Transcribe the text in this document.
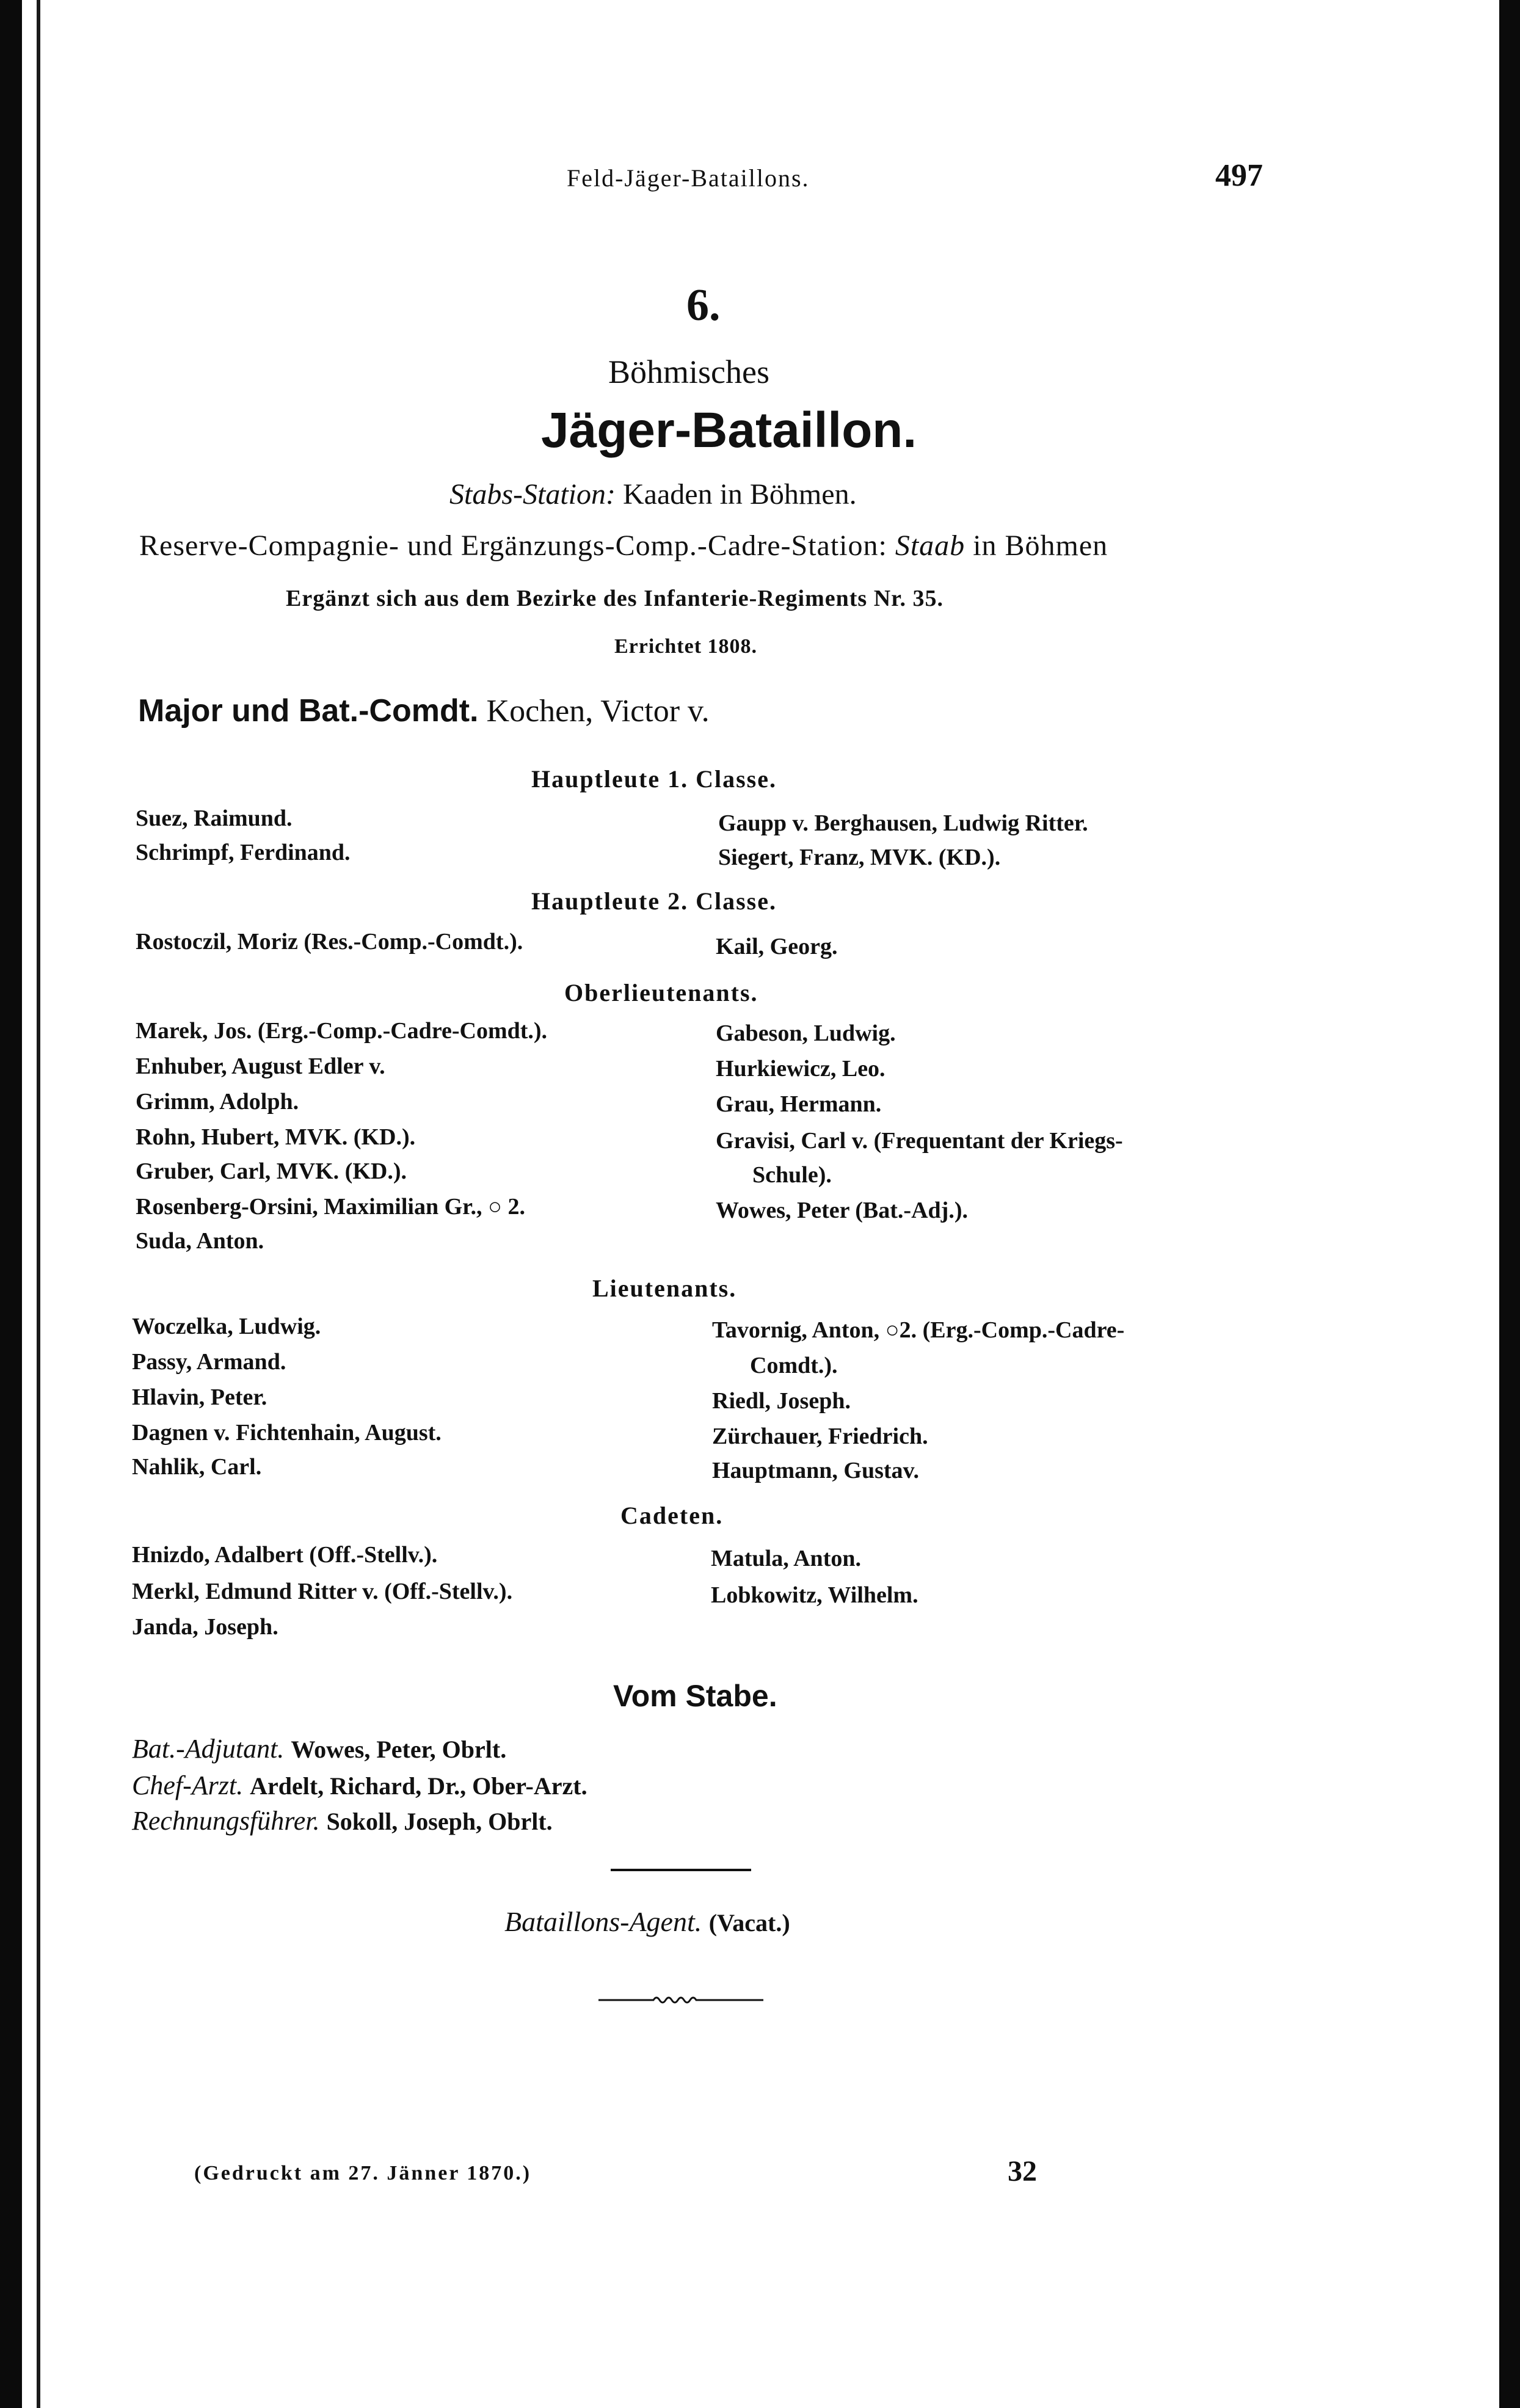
Feld-Jäger-Bataillons.	497
6.
Böhmisches
Jäger-Bataillon.
Stabs-Station: Kaaden in Böhmen.
Reserve-Compagnie- und Ergänzungs-Comp.-Cadre-Station: Staab in Böhmen
Ergänzt sich aus dem Bezirke des Infanterie-Regiments Nr. 35.
Errichtet 1808.
Major und Bat.-Comdt. Kochen, Victor v.
Hauptleute 1. Classe.
Suez, Raimund.
Schrimpf, Ferdinand.
Gaupp v. Berghausen, Ludwig Ritter.
Siegert, Franz, MVK. (KD.).
Hauptleute 2. Classe.
Rostoczil, Moriz (Res.-Comp.-Comdt.).	Kail, Georg.
Oberlieutenants.
Marek, Jos. (Erg.-Comp.-Cadre-Comdt.).
Enhuber, August Edler v.
Grimm, Adolph.
Rohn, Hubert, MVK. (KD.).
Gruber, Carl, MVK. (KD.).
Rosenberg-Orsini, Maximilian Gr., ○ 2.
Suda, Anton.
Gabeson, Ludwig.
Hurkiewicz, Leo.
Grau, Hermann.
Gravisi, Carl v. (Frequentant der Kriegs-
Schule).
Wowes, Peter (Bat.-Adj.).
Lieutenants.
Woczelka, Ludwig.
Passy, Armand.
Hlavin, Peter.
Dagnen v. Fichtenhain, August.
Nahlik, Carl.
Tavornig, Anton, ○2. (Erg.-Comp.-Cadre-
Comdt.).
Riedl, Joseph.
Zürchauer, Friedrich.
Hauptmann, Gustav.
Cadeten.
Hnizdo, Adalbert (Off.-Stellv.).
Merkl, Edmund Ritter v. (Off.-Stellv.).
Janda, Joseph.
Matula, Anton.
Lobkowitz, Wilhelm.
Vom Stabe.
Bat.-Adjutant. Wowes, Peter, Obrlt.
Chef-Arzt. Ardelt, Richard, Dr., Ober-Arzt.
Rechnungsführer. Sokoll, Joseph, Obrlt.
Bataillons-Agent. (Vacat.)
(Gedruckt am 27. Jänner 1870.)	32
